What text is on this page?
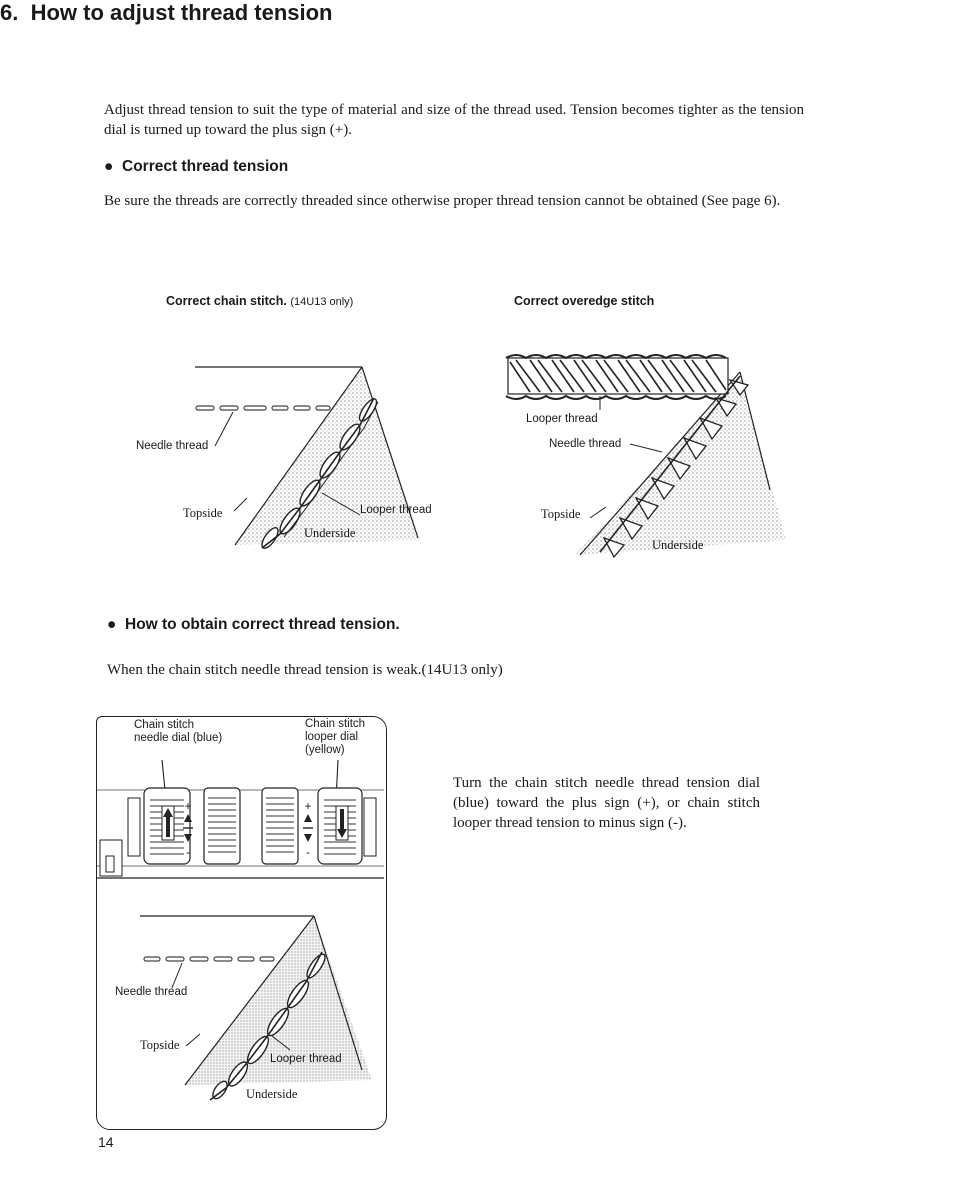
6. How to adjust thread tension
Adjust thread tension to suit the type of material and size of the thread used. Tension becomes tighter as the tension dial is turned up toward the plus sign (+).
● Correct thread tension
Be sure the threads are correctly threaded since otherwise proper thread tension cannot be obtained (See page 6).
Correct chain stitch. (14U13 only)	Correct overedge stitch
Needle thread
Looper thread
Topside
Underside
Looper thread
Needle thread
Topside
Underside
● How to obtain correct thread tension.
When the chain stitch needle thread tension is weak.(14U13 only)
Chain stitch needle dial (blue)
Chain stitch looper dial (yellow)
+
-
+
-
Needle thread
Looper thread
Topside
Underside
Turn the chain stitch needle thread tension dial (blue) toward the plus sign (+), or chain stitch looper thread tension to minus sign (-).
14
